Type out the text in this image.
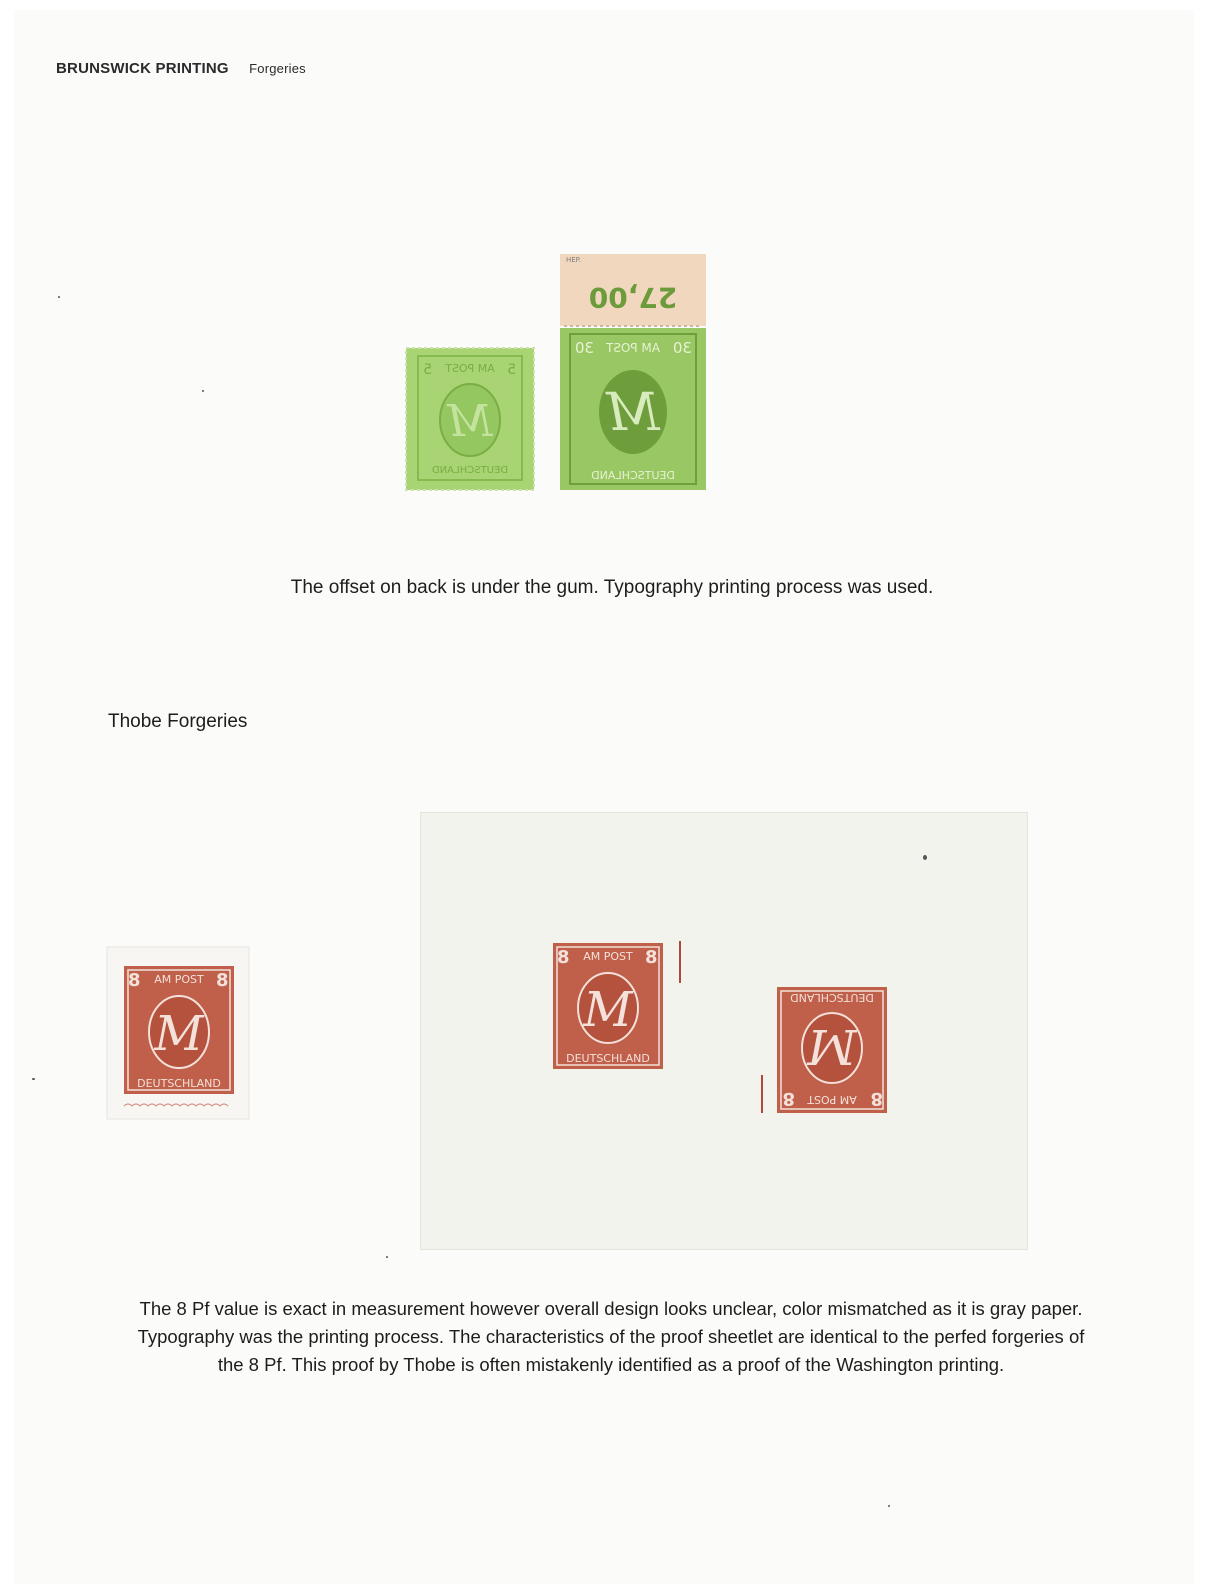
BRUNSWICK PRINTING Forgeries
AM POST 5
5
M
DEUTSCHLAND
HEP.
27,00
AM POST 30
30
M
DEUTSCHLAND
The offset on back is under the gum. Typography printing process was used.
Thobe Forgeries
8	8
AM POST
M
DEUTSCHLAND
8	8
AM POST
M
DEUTSCHLAND
8
8 AM POST
M
DEUTSCHLAND
The 8 Pf value is exact in measurement however overall design looks unclear, color mismatched as it is gray paper.
Typography was the printing process. The characteristics of the proof sheetlet are identical to the perfed forgeries of
the 8 Pf. This proof by Thobe is often mistakenly identified as a proof of the Washington printing.
